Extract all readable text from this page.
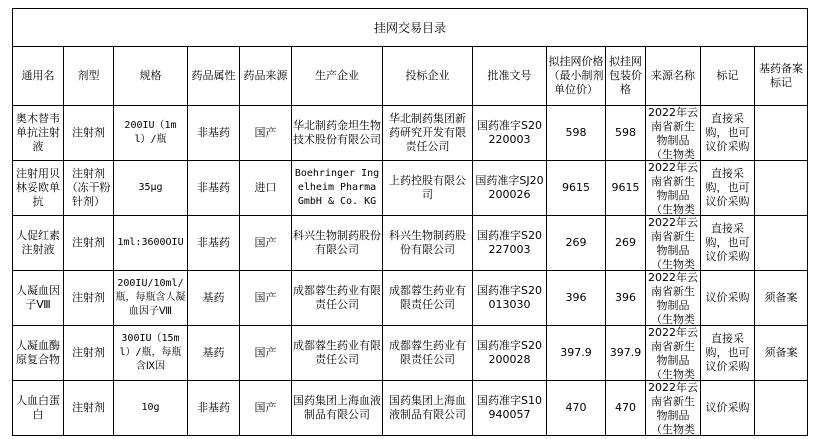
挂网交易目录												
通用名	剂型	规格	药品属性	药品来源	生产企业	投标企业	批准文号	拟挂网价格（最小制剂单位价）	拟挂网包装价格	来源名称	标记	基药备案标记

奥木替韦单抗注射液	注射剂	200IU（1ml）/瓶	非基药	国产	华北制药金坦生物技术股份有限公司	华北制药集团新药研究开发有限责任公司	国药准字S20220003	598	598	2022年云南省新生物制品（生物类	直接采购，也可议价采购	

注射用贝林妥欧单抗	注射剂（冻干粉针剂）	35μg	非基药	进口	Boehringer Ingelheim Pharma GmbH & Co. KG	上药控股有限公司	国药准字SJ20200026	9615	9615	2022年云南省新生物制品（生物类	直接采购，也可议价采购	

人促红素注射液	注射剂	1ml:3600OIU	非基药	国产	科兴生物制药股份有限公司	科兴生物制药股份有限公司	国药准字S20227003	269	269	2022年云南省新生物制品（生物类	直接采购，也可议价采购	

人凝血因子Ⅷ	注射剂	200IU/10ml/瓶，每瓶含人凝血因子Ⅷ	基药	国产	成都蓉生药业有限责任公司	成都蓉生药业有限责任公司	国药准字S20013030	396	396	2022年云南省新生物制品（生物类	议价采购	须备案

人凝血酶原复合物	注射剂	300IU（15ml）/瓶，每瓶含Ⅸ因	基药	国产	成都蓉生药业有限责任公司	成都蓉生药业有限责任公司	国药准字S20200028	397.9	397.9	2022年云南省新生物制品（生物类	直接采购，也可议价采购	须备案

人血白蛋白	注射剂	10g	非基药	国产	国药集团上海血液制品有限公司	国药集团上海血液制品有限公司	国药准字S10940057	470	470	2022年云南省新生物制品（生物类	议价采购	
